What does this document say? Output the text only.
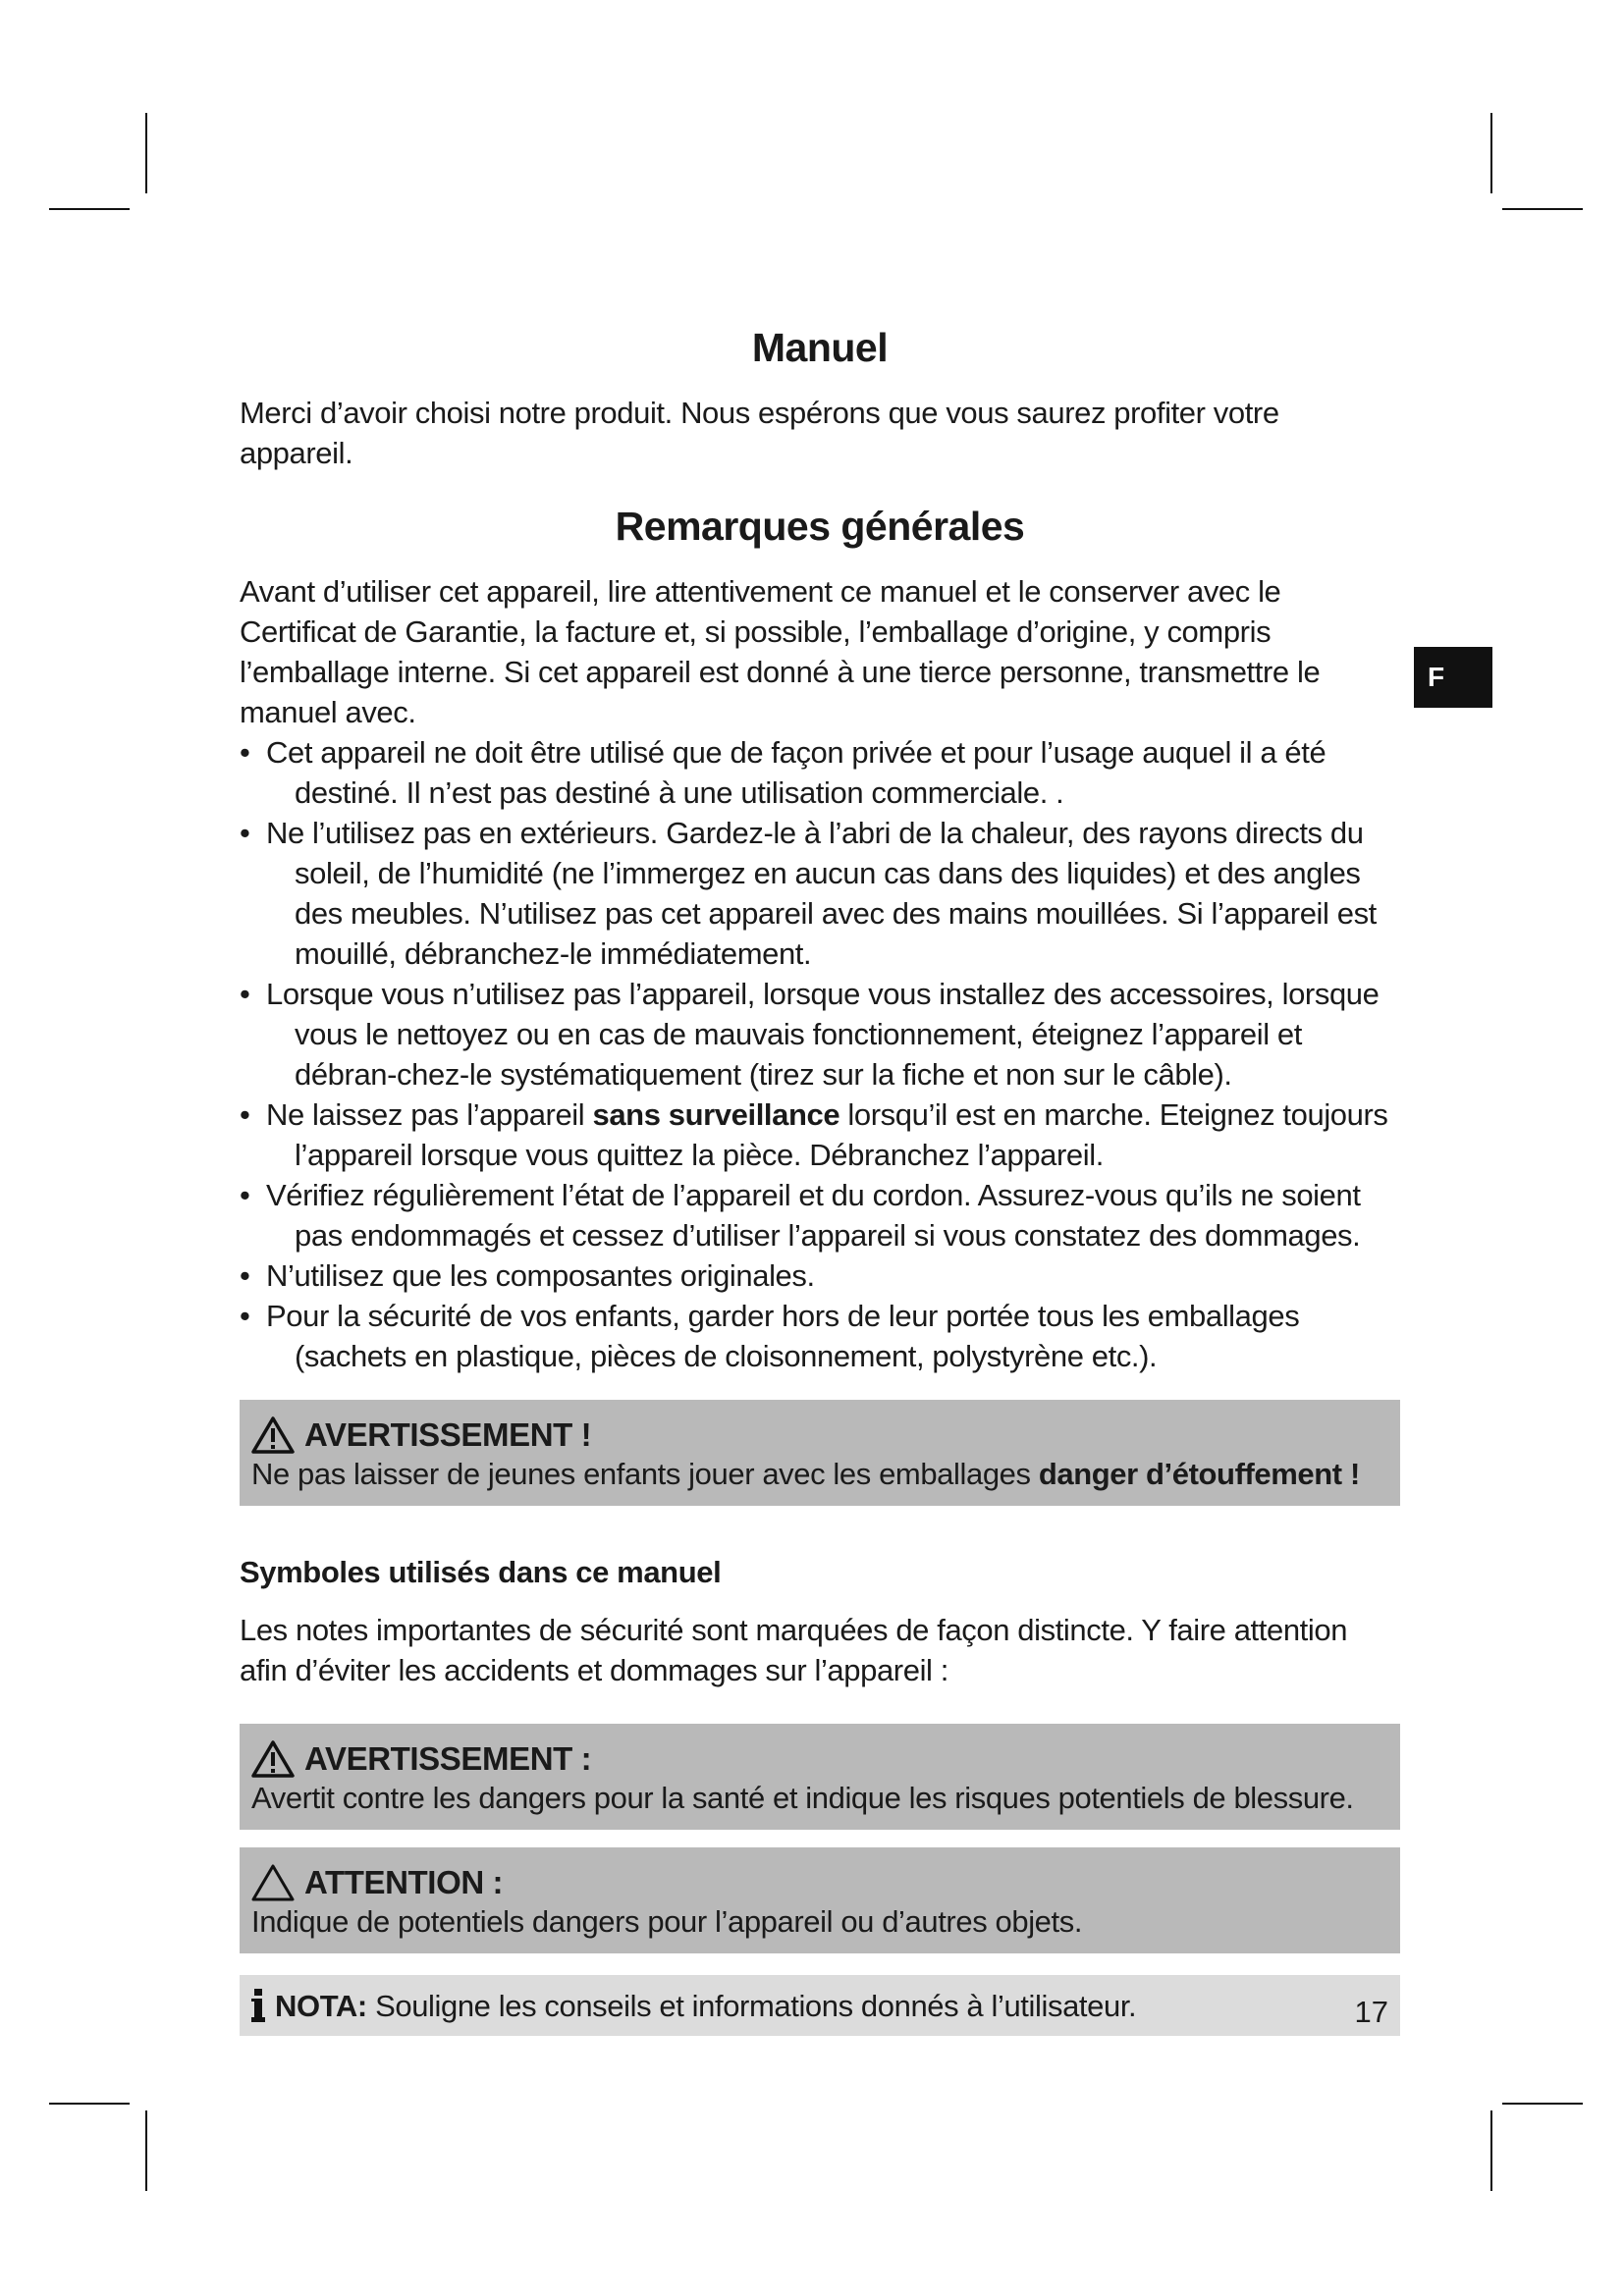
F
Manuel

Merci d’avoir choisi notre produit. Nous espérons que vous saurez profiter votre appareil.

Remarques générales

Avant d’utiliser cet appareil, lire attentivement ce manuel et le conserver avec le Certificat de Garantie, la facture et, si possible, l’emballage d’origine, y compris l’emballage interne. Si cet appareil est donné à une tierce personne, transmettre le manuel avec.

• Cet appareil ne doit être utilisé que de façon privée et pour l’usage auquel il a été destiné. Il n’est pas destiné à une utilisation commerciale. .
• Ne l’utilisez pas en extérieurs. Gardez-le à l’abri de la chaleur, des rayons directs du soleil, de l’humidité (ne l’immergez en aucun cas dans des liquides) et des angles des meubles. N’utilisez pas cet appareil avec des mains mouillées. Si l’appareil est mouillé, débranchez-le immédiatement.
• Lorsque vous n’utilisez pas l’appareil, lorsque vous installez des accessoires, lorsque vous le nettoyez ou en cas de mauvais fonctionnement, éteignez l’appareil et débran-chez-le systématiquement (tirez sur la fiche et non sur le câble).
• Ne laissez pas l’appareil sans surveillance lorsqu’il est en marche. Eteignez toujours l’appareil lorsque vous quittez la pièce. Débranchez l’appareil.
• Vérifiez régulièrement l’état de l’appareil et du cordon. Assurez-vous qu’ils ne soient pas endommagés et cessez d’utiliser l’appareil si vous constatez des dommages.
• N’utilisez que les composantes originales.
• Pour la sécurité de vos enfants, garder hors de leur portée tous les emballages (sachets en plastique, pièces de cloisonnement, polystyrène etc.).
AVERTISSEMENT !
Ne pas laisser de jeunes enfants jouer avec les emballages danger d’étouffement !
Symboles utilisés dans ce manuel

Les notes importantes de sécurité sont marquées de façon distincte. Y faire attention afin d’éviter les accidents et dommages sur l’appareil :

AVERTISSEMENT :
Avertit contre les dangers pour la santé et indique les risques potentiels de blessure.
ATTENTION :
Indique de potentiels dangers pour l’appareil ou d’autres objets.
NOTA: Souligne les conseils et informations donnés à l’utilisateur.	17
